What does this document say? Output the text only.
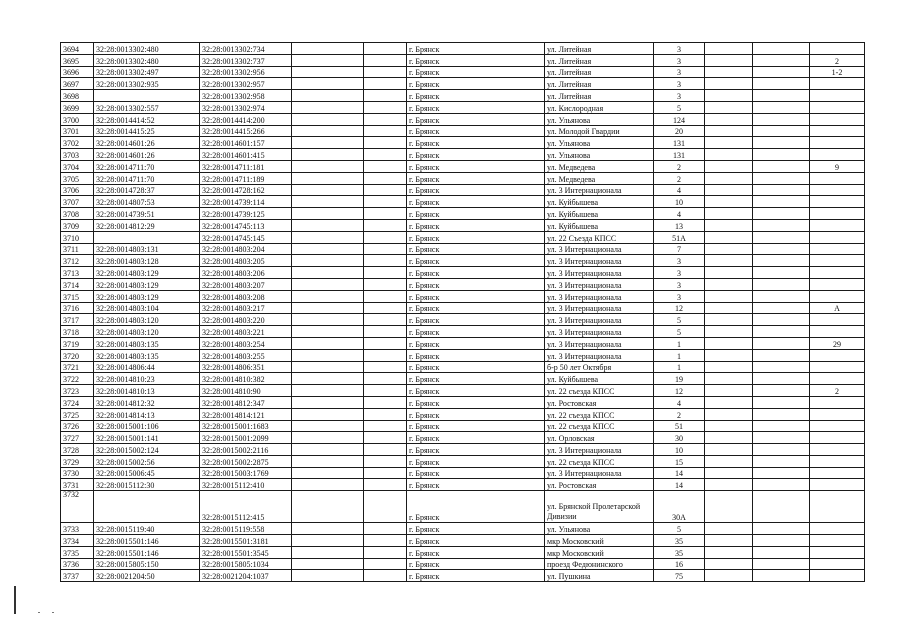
3694	32:28:0013302:480	32:28:0013302:734			г. Брянск	ул. Литейная	3			
3695	32:28:0013302:480	32:28:0013302:737			г. Брянск	ул. Литейная	3			2
3696	32:28:0013302:497	32:28:0013302:956			г. Брянск	ул. Литейная	3			1-2
3697	32:28:0013302:935	32:28:0013302:957			г. Брянск	ул. Литейная	3			
3698		32:28:0013302:958			г. Брянск	ул. Литейная	3			
3699	32:28:0013302:557	32:28:0013302:974			г. Брянск	ул. Кислородная	5			
3700	32:28:0014414:52	32:28:0014414:200			г. Брянск	ул. Ульянова	124			
3701	32:28:0014415:25	32:28:0014415:266			г. Брянск	ул. Молодой Гвардии	20			
3702	32:28:0014601:26	32:28:0014601:157			г. Брянск	ул. Ульянова	131			
3703	32:28:0014601:26	32:28:0014601:415			г. Брянск	ул. Ульянова	131			
3704	32:28:0014711:70	32:28:0014711:181			г. Брянск	ул. Медведева	2			9
3705	32:28:0014711:70	32:28:0014711:189			г. Брянск	ул. Медведева	2			
3706	32:28:0014728:37	32:28:0014728:162			г. Брянск	ул. 3 Интернационала	4			
3707	32:28:0014807:53	32:28:0014739:114			г. Брянск	ул. Куйбышева	10			
3708	32:28:0014739:51	32:28:0014739:125			г. Брянск	ул. Куйбышева	4			
3709	32:28:0014812:29	32:28:0014745:113			г. Брянск	ул. Куйбышева	13			
3710		32:28:0014745:145			г. Брянск	ул. 22 Съезда КПСС	51А			
3711	32:28:0014803:131	32:28:0014803:204			г. Брянск	ул. 3 Интернационала	7			
3712	32:28:0014803:128	32:28:0014803:205			г. Брянск	ул. 3 Интернационала	3			
3713	32:28:0014803:129	32:28:0014803:206			г. Брянск	ул. 3 Интернационала	3			
3714	32:28:0014803:129	32:28:0014803:207			г. Брянск	ул. 3 Интернационала	3			
3715	32:28:0014803:129	32:28:0014803:208			г. Брянск	ул. 3 Интернационала	3			
3716	32:28:0014803:104	32:28:0014803:217			г. Брянск	ул. 3 Интернационала	12			А
3717	32:28:0014803:120	32:28:0014803:220			г. Брянск	ул. 3 Интернационала	5			
3718	32:28:0014803:120	32:28:0014803:221			г. Брянск	ул. 3 Интернационала	5			
3719	32:28:0014803:135	32:28:0014803:254			г. Брянск	ул. 3 Интернационала	1			29
3720	32:28:0014803:135	32:28:0014803:255			г. Брянск	ул. 3 Интернационала	1			
3721	32:28:0014806:44	32:28:0014806:351			г. Брянск	б-р 50 лет Октября	1			
3722	32:28:0014810:23	32:28:0014810:382			г. Брянск	ул. Куйбышева	19			
3723	32:28:0014810:13	32:28:0014810:90			г. Брянск	ул. 22 съезда КПСС	12			2
3724	32:28:0014812:32	32:28:0014812:347			г. Брянск	ул. Ростовская	4			
3725	32:28:0014814:13	32:28:0014814:121			г. Брянск	ул. 22 съезда КПСС	2			
3726	32:28:0015001:106	32:28:0015001:1683			г. Брянск	ул. 22 съезда КПСС	51			
3727	32:28:0015001:141	32:28:0015001:2099			г. Брянск	ул. Орловская	30			
3728	32:28:0015002:124	32:28:0015002:2116			г. Брянск	ул. 3 Интернационала	10			
3729	32:28:0015002:56	32:28:0015002:2875			г. Брянск	ул. 22 съезда КПСС	15			
3730	32:28:0015006:45	32:28:0015003:1769			г. Брянск	ул. 3 Интернационала	14			
3731	32:28:0015112:30	32:28:0015112:410			г. Брянск	ул. Ростовская	14			
3732		32:28:0015112:415			г. Брянск	ул. Брянской Пролетарской Дивизии	30А			
3733	32:28:0015119:40	32:28:0015119:558			г. Брянск	ул. Ульянова	5			
3734	32:28:0015501:146	32:28:0015501:3181			г. Брянск	мкр Московский	35			
3735	32:28:0015501:146	32:28:0015501:3545			г. Брянск	мкр Московский	35			
3736	32:28:0015805:150	32:28:0015805:1034			г. Брянск	проезд Федюнинского	16			
3737	32:28:0021204:50	32:28:0021204:1037			г. Брянск	ул. Пушкина	75			
